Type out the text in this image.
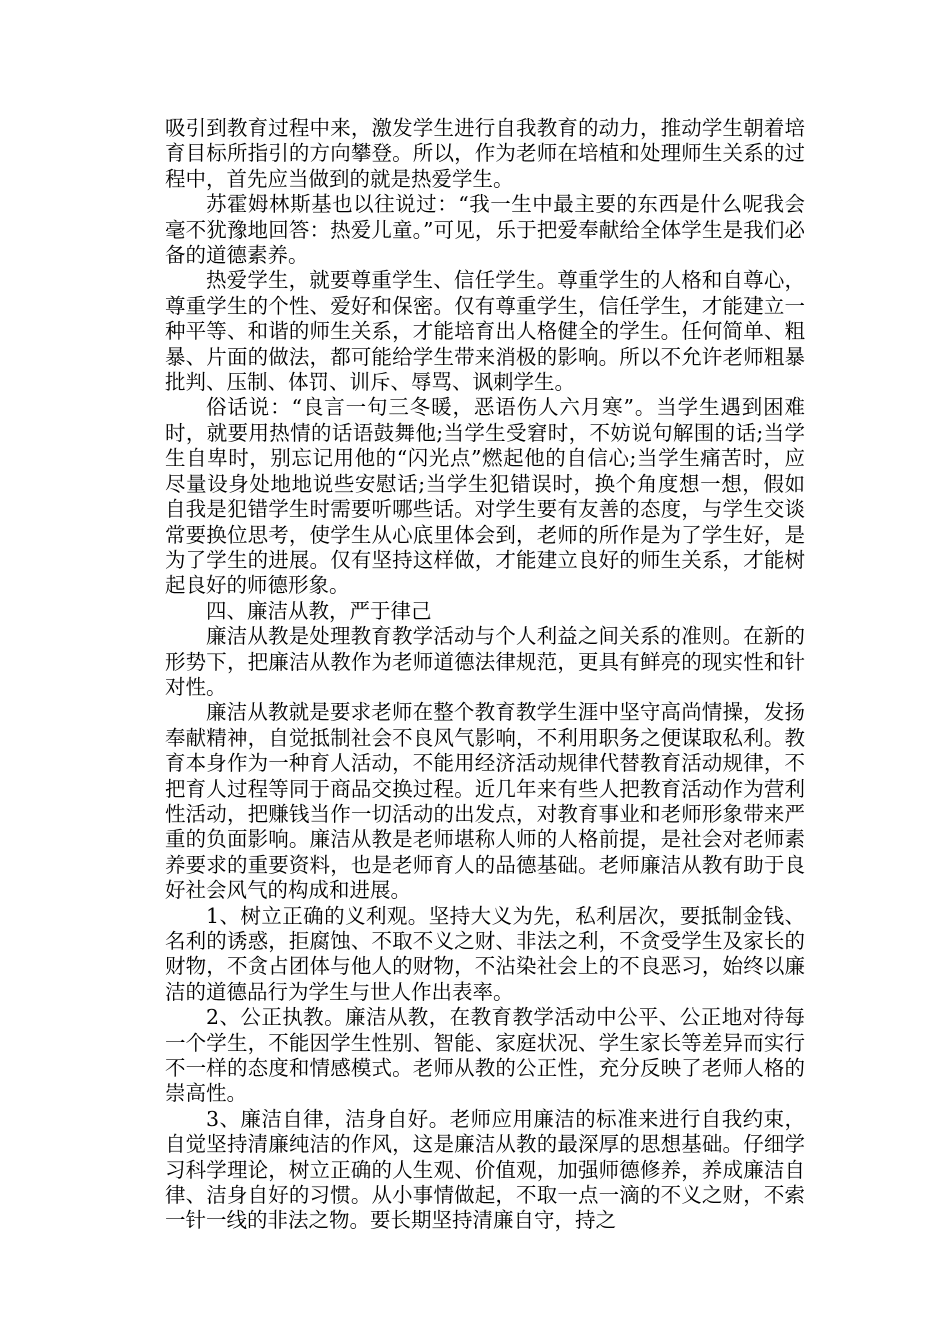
吸引到教育过程中来，激发学生进行自我教育的动力，推动学生朝着培育目标所指引的方向攀登。所以，作为老师在培植和处理师生关系的过程中，首先应当做到的就是热爱学生。

苏霍姆林斯基也以往说过：“我一生中最主要的东西是什么呢我会毫不犹豫地回答：热爱儿童。”可见，乐于把爱奉献给全体学生是我们必备的道德素养。

热爱学生，就要尊重学生、信任学生。尊重学生的人格和自尊心，尊重学生的个性、爱好和保密。仅有尊重学生，信任学生，才能建立一种平等、和谐的师生关系，才能培育出人格健全的学生。任何简单、粗暴、片面的做法，都可能给学生带来消极的影响。所以不允许老师粗暴批判、压制、体罚、训斥、辱骂、讽刺学生。

俗话说：“良言一句三冬暖，恶语伤人六月寒”。当学生遇到困难时，就要用热情的话语鼓舞他;当学生受窘时，不妨说句解围的话;当学生自卑时，别忘记用他的“闪光点”燃起他的自信心;当学生痛苦时，应尽量设身处地地说些安慰话;当学生犯错误时，换个角度想一想，假如自我是犯错学生时需要听哪些话。对学生要有友善的态度，与学生交谈常要换位思考，使学生从心底里体会到，老师的所作是为了学生好，是为了学生的进展。仅有坚持这样做，才能建立良好的师生关系，才能树起良好的师德形象。

四、廉洁从教，严于律己

廉洁从教是处理教育教学活动与个人利益之间关系的准则。在新的形势下，把廉洁从教作为老师道德法律规范，更具有鲜亮的现实性和针对性。

廉洁从教就是要求老师在整个教育教学生涯中坚守高尚情操，发扬奉献精神，自觉抵制社会不良风气影响，不利用职务之便谋取私利。教育本身作为一种育人活动，不能用经济活动规律代替教育活动规律，不把育人过程等同于商品交换过程。近几年来有些人把教育活动作为营利性活动，把赚钱当作一切活动的出发点，对教育事业和老师形象带来严重的负面影响。廉洁从教是老师堪称人师的人格前提，是社会对老师素养要求的重要资料，也是老师育人的品德基础。老师廉洁从教有助于良好社会风气的构成和进展。

1、树立正确的义利观。坚持大义为先，私利居次，要抵制金钱、名利的诱惑，拒腐蚀、不取不义之财、非法之利，不贪受学生及家长的财物，不贪占团体与他人的财物，不沾染社会上的不良恶习，始终以廉洁的道德品行为学生与世人作出表率。

2、公正执教。廉洁从教，在教育教学活动中公平、公正地对待每一个学生，不能因学生性别、智能、家庭状况、学生家长等差异而实行不一样的态度和情感模式。老师从教的公正性，充分反映了老师人格的崇高性。

3、廉洁自律，洁身自好。老师应用廉洁的标准来进行自我约束，自觉坚持清廉纯洁的作风，这是廉洁从教的最深厚的思想基础。仔细学习科学理论，树立正确的人生观、价值观，加强师德修养，养成廉洁自律、洁身自好的习惯。从小事情做起，不取一点一滴的不义之财，不索一针一线的非法之物。要长期坚持清廉自守，持之
